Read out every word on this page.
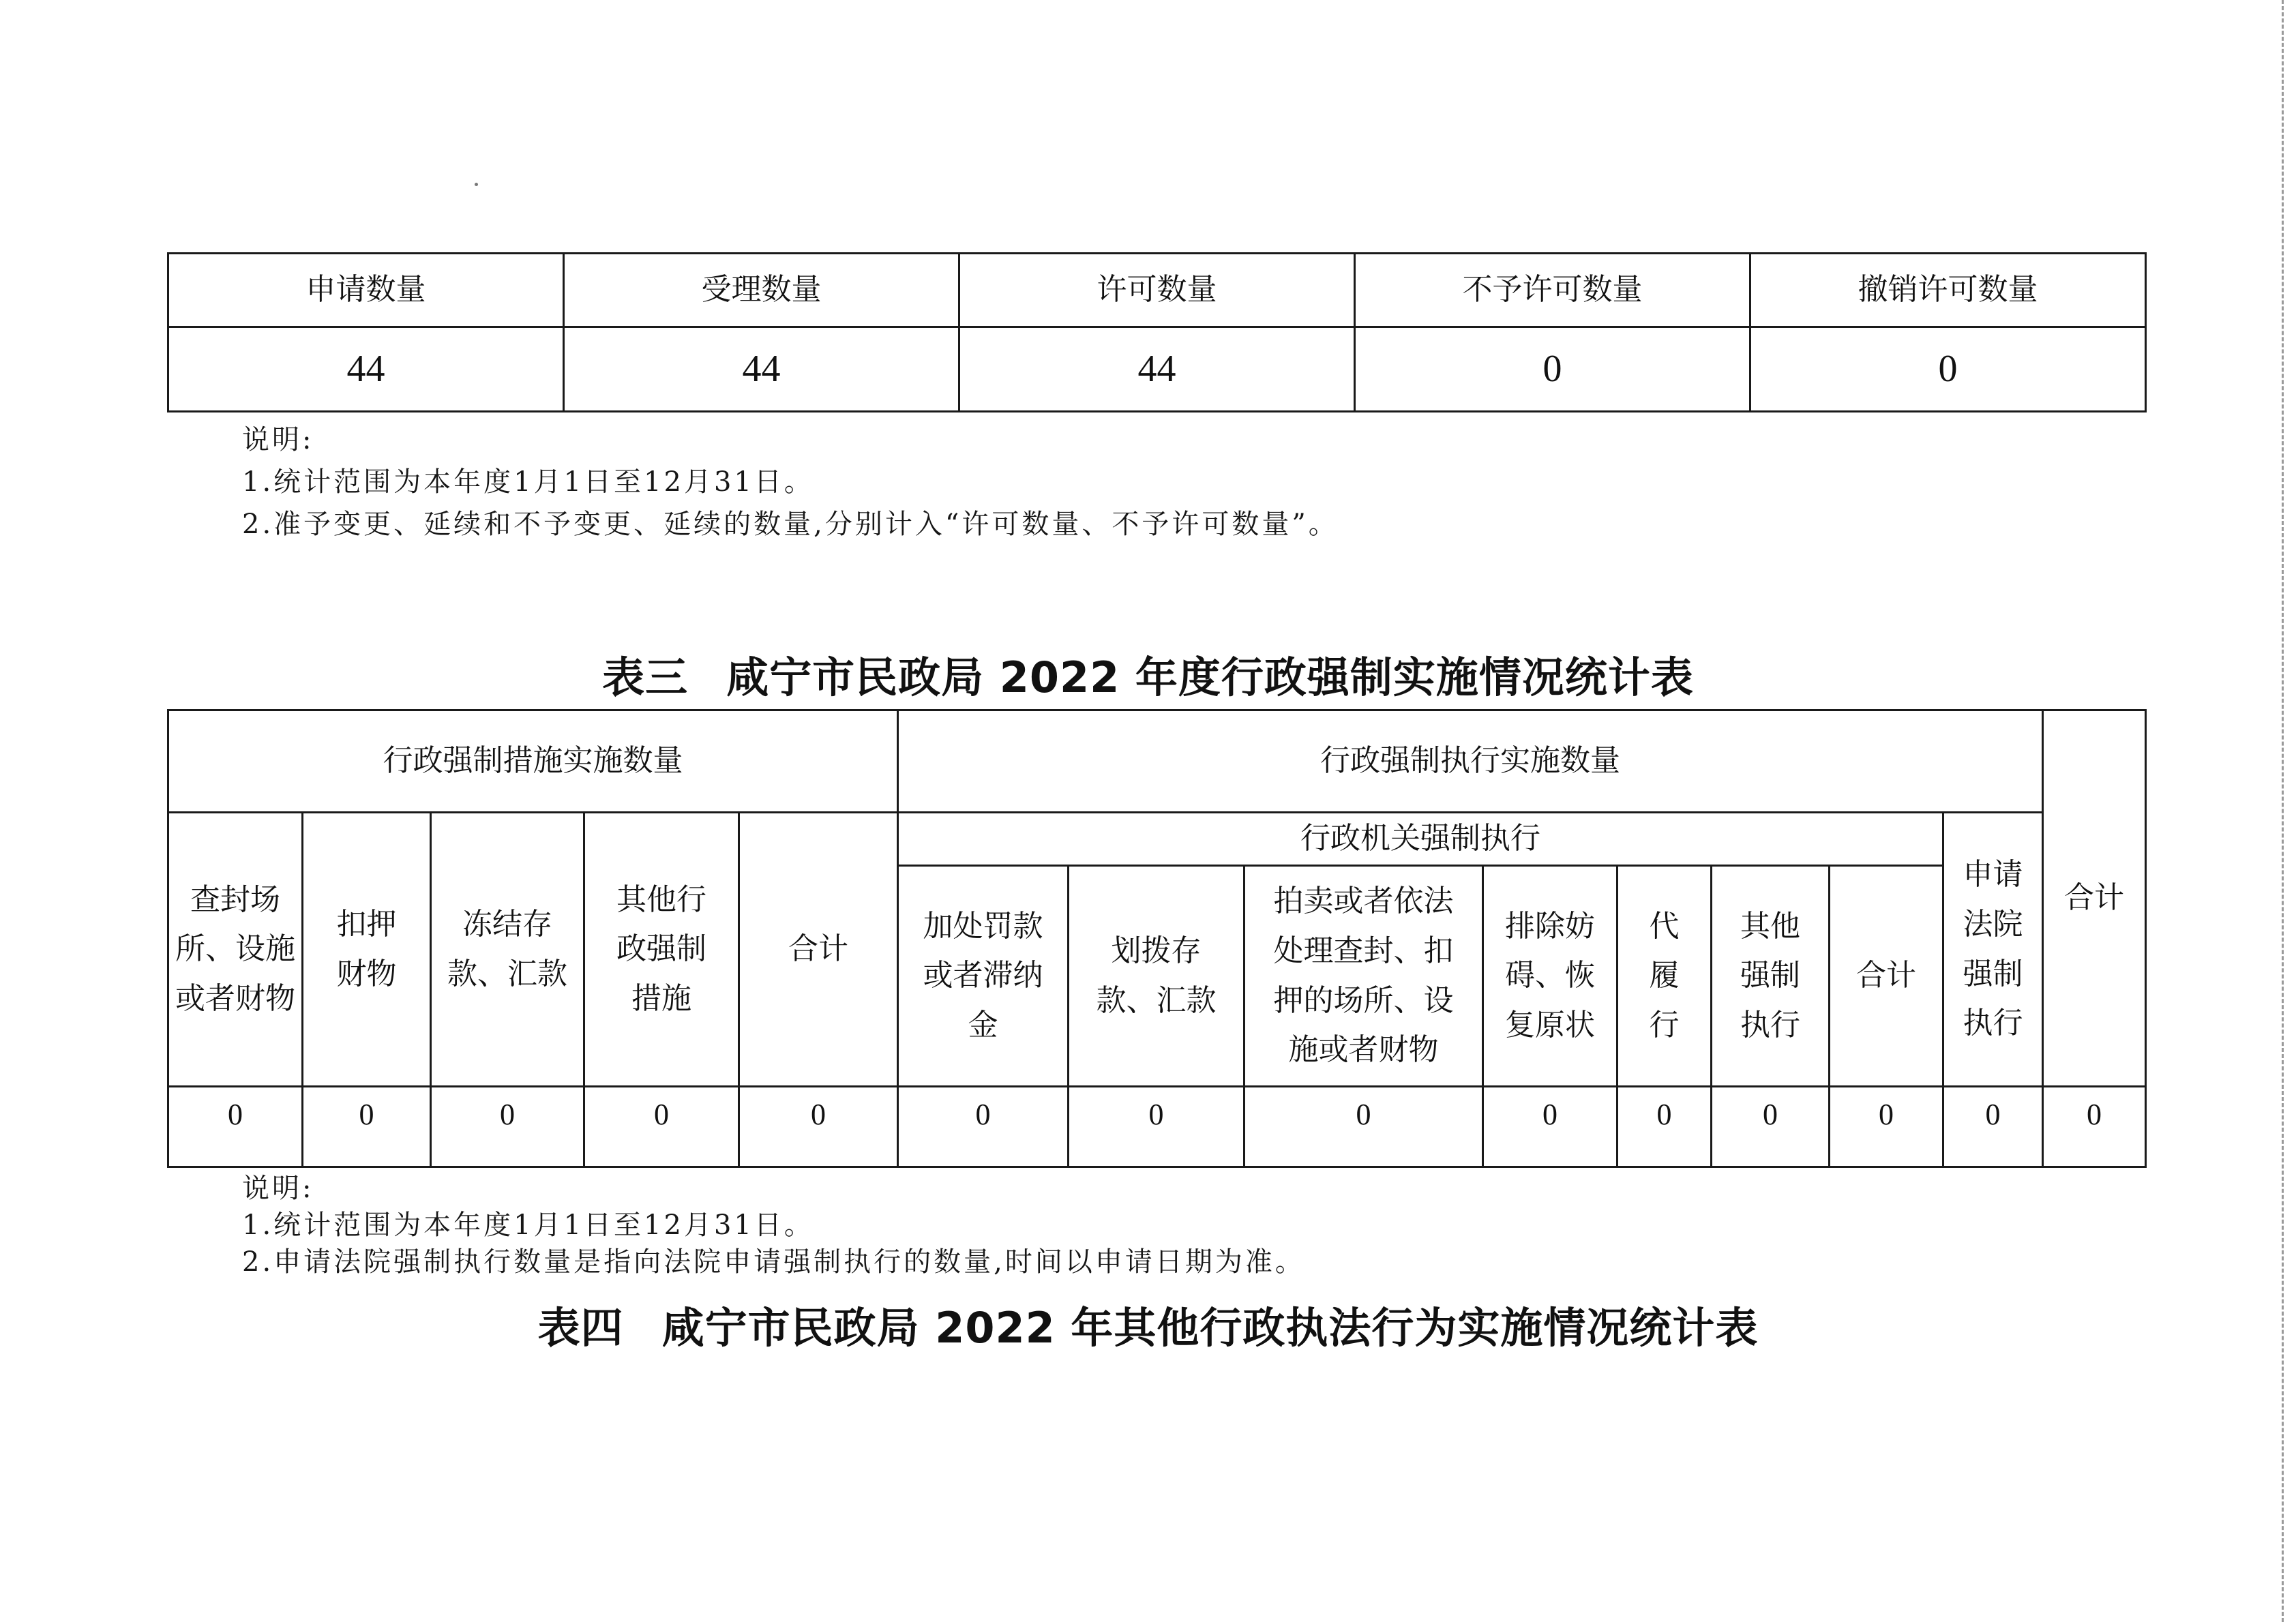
申请数量	受理数量	许可数量	不予许可数量	撤销许可数量
44	44	44	0	0
说明:
1.统计范围为本年度1月1日至12月31日。
2.准予变更、延续和不予变更、延续的数量,分别计入“许可数量、不予许可数量”。
表三 咸宁市民政局 2022 年度行政强制实施情况统计表
行政强制措施实施数量					行政强制执行实施数量								合计
查封场所、设施或者财物	扣押财物	冻结存款、汇款	其他行政强制措施	合计	行政机关强制执行							申请法院强制执行	
					加处罚款或者滞纳金	划拨存款、汇款	拍卖或者依法处理查封、扣押的场所、设施或者财物	排除妨碍、恢复原状	代履行	其他强制执行	合计		
0	0	0	0	0	0	0	0	0	0	0	0	0	0
说明:
1.统计范围为本年度1月1日至12月31日。
2.申请法院强制执行数量是指向法院申请强制执行的数量,时间以申请日期为准。
表四 咸宁市民政局 2022 年其他行政执法行为实施情况统计表
